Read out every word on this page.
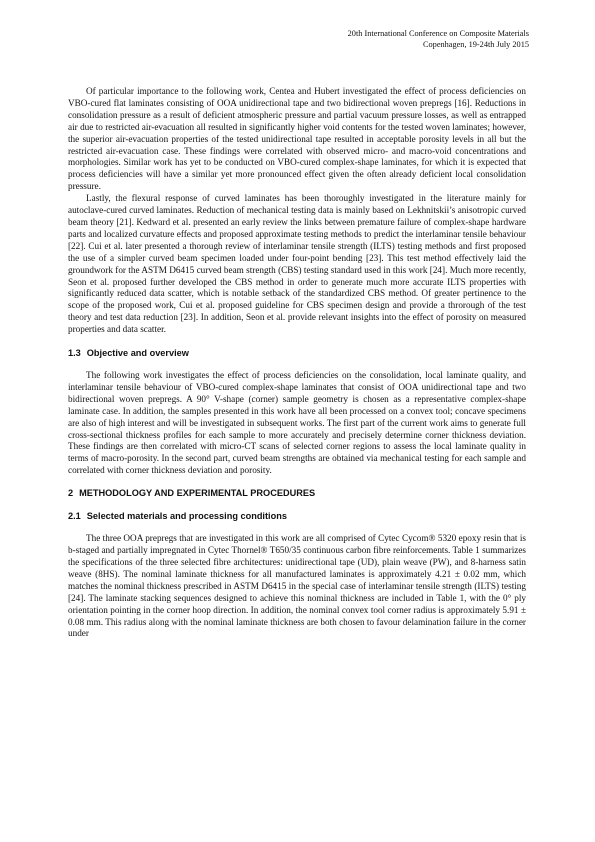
20th International Conference on Composite Materials
Copenhagen, 19-24th July 2015

Of particular importance to the following work, Centea and Hubert investigated the effect of process deficiencies on VBO-cured flat laminates consisting of OOA unidirectional tape and two bidirectional woven prepregs [16]. Reductions in consolidation pressure as a result of deficient atmospheric pressure and partial vacuum pressure losses, as well as entrapped air due to restricted air-evacuation all resulted in significantly higher void contents for the tested woven laminates; however, the superior air-evacuation properties of the tested unidirectional tape resulted in acceptable porosity levels in all but the restricted air-evacuation case. These findings were correlated with observed micro- and macro-void concentrations and morphologies. Similar work has yet to be conducted on VBO-cured complex-shape laminates, for which it is expected that process deficiencies will have a similar yet more pronounced effect given the often already deficient local consolidation pressure.

Lastly, the flexural response of curved laminates has been thoroughly investigated in the literature mainly for autoclave-cured curved laminates. Reduction of mechanical testing data is mainly based on Lekhnitskii’s anisotropic curved beam theory [21]. Kedward et al. presented an early review the links between premature failure of complex-shape hardware parts and localized curvature effects and proposed approximate testing methods to predict the interlaminar tensile behaviour [22]. Cui et al. later presented a thorough review of interlaminar tensile strength (ILTS) testing methods and first proposed the use of a simpler curved beam specimen loaded under four-point bending [23]. This test method effectively laid the groundwork for the ASTM D6415 curved beam strength (CBS) testing standard used in this work [24]. Much more recently, Seon et al. proposed further developed the CBS method in order to generate much more accurate ILTS properties with significantly reduced data scatter, which is notable setback of the standardized CBS method. Of greater pertinence to the scope of the proposed work, Cui et al. proposed guideline for CBS specimen design and provide a throrough of the test theory and test data reduction [23]. In addition, Seon et al. provide relevant insights into the effect of porosity on measured properties and data scatter.

1.3 Objective and overview

The following work investigates the effect of process deficiencies on the consolidation, local laminate quality, and interlaminar tensile behaviour of VBO-cured complex-shape laminates that consist of OOA unidirectional tape and two bidirectional woven prepregs. A 90° V-shape (corner) sample geometry is chosen as a representative complex-shape laminate case. In addition, the samples presented in this work have all been processed on a convex tool; concave specimens are also of high interest and will be investigated in subsequent works. The first part of the current work aims to generate full cross-sectional thickness profiles for each sample to more accurately and precisely determine corner thickness deviation. These findings are then correlated with micro-CT scans of selected corner regions to assess the local laminate quality in terms of macro-porosity. In the second part, curved beam strengths are obtained via mechanical testing for each sample and correlated with corner thickness deviation and porosity.

2 METHODOLOGY AND EXPERIMENTAL PROCEDURES
2.1 Selected materials and processing conditions

The three OOA prepregs that are investigated in this work are all comprised of Cytec Cycom® 5320 epoxy resin that is b-staged and partially impregnated in Cytec Thornel® T650/35 continuous carbon fibre reinforcements. Table 1 summarizes the specifications of the three selected fibre architectures: unidirectional tape (UD), plain weave (PW), and 8-harness satin weave (8HS). The nominal laminate thickness for all manufactured laminates is approximately 4.21 ± 0.02 mm, which matches the nominal thickness prescribed in ASTM D6415 in the special case of interlaminar tensile strength (ILTS) testing [24]. The laminate stacking sequences designed to achieve this nominal thickness are included in Table 1, with the 0° ply orientation pointing in the corner hoop direction. In addition, the nominal convex tool corner radius is approximately 5.91 ± 0.08 mm. This radius along with the nominal laminate thickness are both chosen to favour delamination failure in the corner under
